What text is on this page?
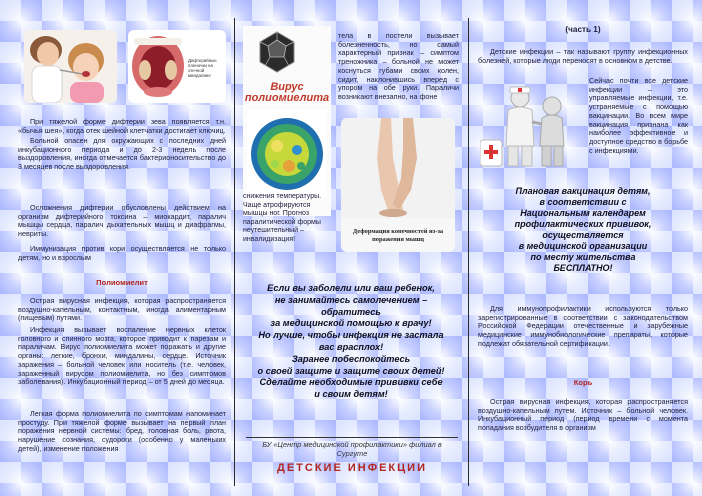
Дифтерийные пленочки на отечной миндалине
При тяжелой форме дифтерии зева появляется т.н. «бычья шея», когда отек шейной клетчатки достигает ключиц.
Больной опасен для окружающих с последних дней инкубационного периода и до 2-3 недель после выздоровления, иногда отмечается бактерионосительство до 3 месяцев после выздоровления.
Осложнения дифтерии обусловлены действием на организм дифтерийного токсина – миокардит, паралич мышцы сердца, паралич дыхательных мышц и диафрагмы, невриты.
Иммунизация против кори осуществляется не только детям, но и взрослым
Полиомиелит
Острая вирусная инфекция, которая распространяется воздушно-капельным, контактным, иногда алиментарным (пищевым) путями.
Инфекция вызывает воспаление нервных клеток головного и спинного мозга, которое приводит к парезам и параличам. Вирус полиомиелита может поражать и другие органы: легкие, бронхи, миндалины, сердце. Источник заражения – больной человек или носитель (т.е. человек, зараженный вирусом полиомиелита, но без симптомов заболевания). Инкубационный период – от 5 дней до месяца.
Легкая форма полиомиелита по симптомам напоминает простуду. При тяжелой форме вызывает на первый план поражения нервной системы: бред, головная боль, рвота, нарушение сознания, судороги (особенно у маленьких детей), изменение положения
Вирус
полиомиелита
снижения температуры. Чаще атрофируются мышцы ног. Прогноз паралитической формы неутешительный – инвалидизация!
тела в постели вызывает болезненность, но самый характерный признак – симптом треножника – больной не может коснуться губами своих колен, сидит, наклонившись вперед с упором на обе руки. Параличи возникают внезапно, на фоне
Деформация конечностей из-за поражения мышц
Если вы заболели или ваш ребенок,
не занимайтесь самолечением –
обратитесь
за медицинской помощью к врачу!
Но лучше, чтобы инфекция не застала
вас врасплох!
Заранее побеспокойтесь
о своей защите и защите своих детей!
Сделайте необходимые прививки себе
и своим детям!
БУ «Центр медицинской профилактики» филиал в Сургуте
ДЕТСКИЕ ИНФЕКЦИИ
(часть 1)
Детские инфекции – так называют группу инфекционных болезней, которые люди переносят в основном в детстве.
Сейчас почти все детские инфекции – это управляемые инфекции, т.е. устраняемые с помощью вакцинации. Во всем мире вакцинация признана как наиболее эффективное и доступное средство в борьбе с инфекциями.
Плановая вакцинация детям,
в соответствии с
Национальным календарем
профилактических прививок,
осуществляется
в медицинской организации
по месту жительства
БЕСПЛАТНО!
Для иммунопрофилактики используются только зарегистрированные в соответствии с законодательством Российской Федерации отечественные и зарубежные медицинские иммунобиологические препараты, которые подлежат обязательной сертификации.
Корь
Острая вирусная инфекция, которая распространяется воздушно-капельным путем. Источник – больной человек. Инкубационный период (период времени с момента попадания возбудителя в организм
